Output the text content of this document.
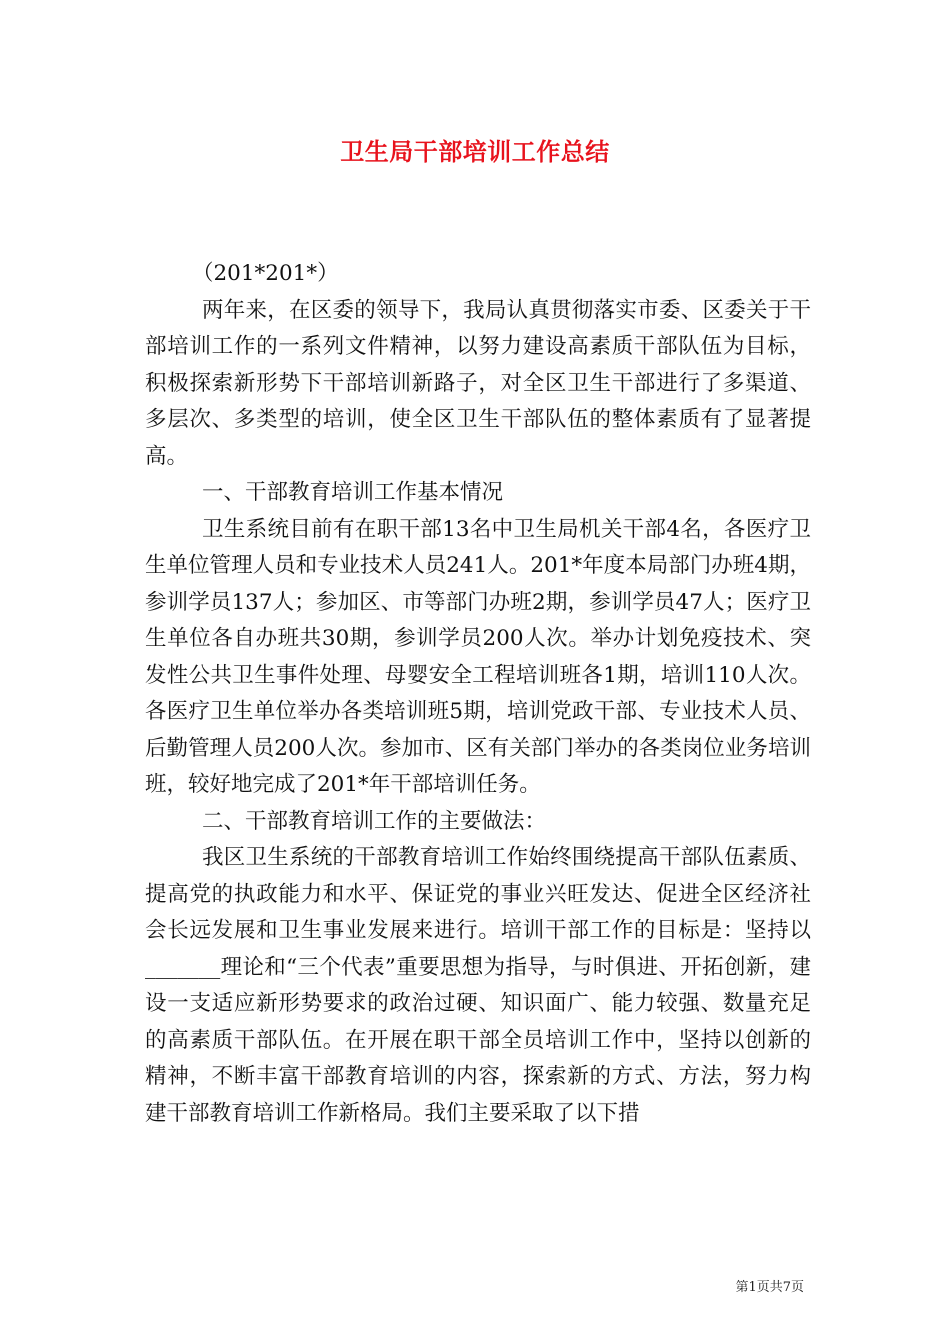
卫生局干部培训工作总结

（201*201*）

两年来，在区委的领导下，我局认真贯彻落实市委、区委关于干部培训工作的一系列文件精神，以努力建设高素质干部队伍为目标，积极探索新形势下干部培训新路子，对全区卫生干部进行了多渠道、多层次、多类型的培训，使全区卫生干部队伍的整体素质有了显著提高。

一、干部教育培训工作基本情况

卫生系统目前有在职干部13名中卫生局机关干部4名，各医疗卫生单位管理人员和专业技术人员241人。201*年度本局部门办班4期，参训学员137人；参加区、市等部门办班2期，参训学员47人；医疗卫生单位各自办班共30期，参训学员200人次。举办计划免疫技术、突发性公共卫生事件处理、母婴安全工程培训班各1期，培训110人次。各医疗卫生单位举办各类培训班5期，培训党政干部、专业技术人员、后勤管理人员200人次。参加市、区有关部门举办的各类岗位业务培训班，较好地完成了201*年干部培训任务。

二、干部教育培训工作的主要做法：

我区卫生系统的干部教育培训工作始终围绕提高干部队伍素质、提高党的执政能力和水平、保证党的事业兴旺发达、促进全区经济社会长远发展和卫生事业发展来进行。培训干部工作的目标是：坚持以_______理论和“三个代表”重要思想为指导，与时俱进、开拓创新，建设一支适应新形势要求的政治过硬、知识面广、能力较强、数量充足的高素质干部队伍。在开展在职干部全员培训工作中，坚持以创新的精神，不断丰富干部教育培训的内容，探索新的方式、方法，努力构建干部教育培训工作新格局。我们主要采取了以下措

第1页共7页
